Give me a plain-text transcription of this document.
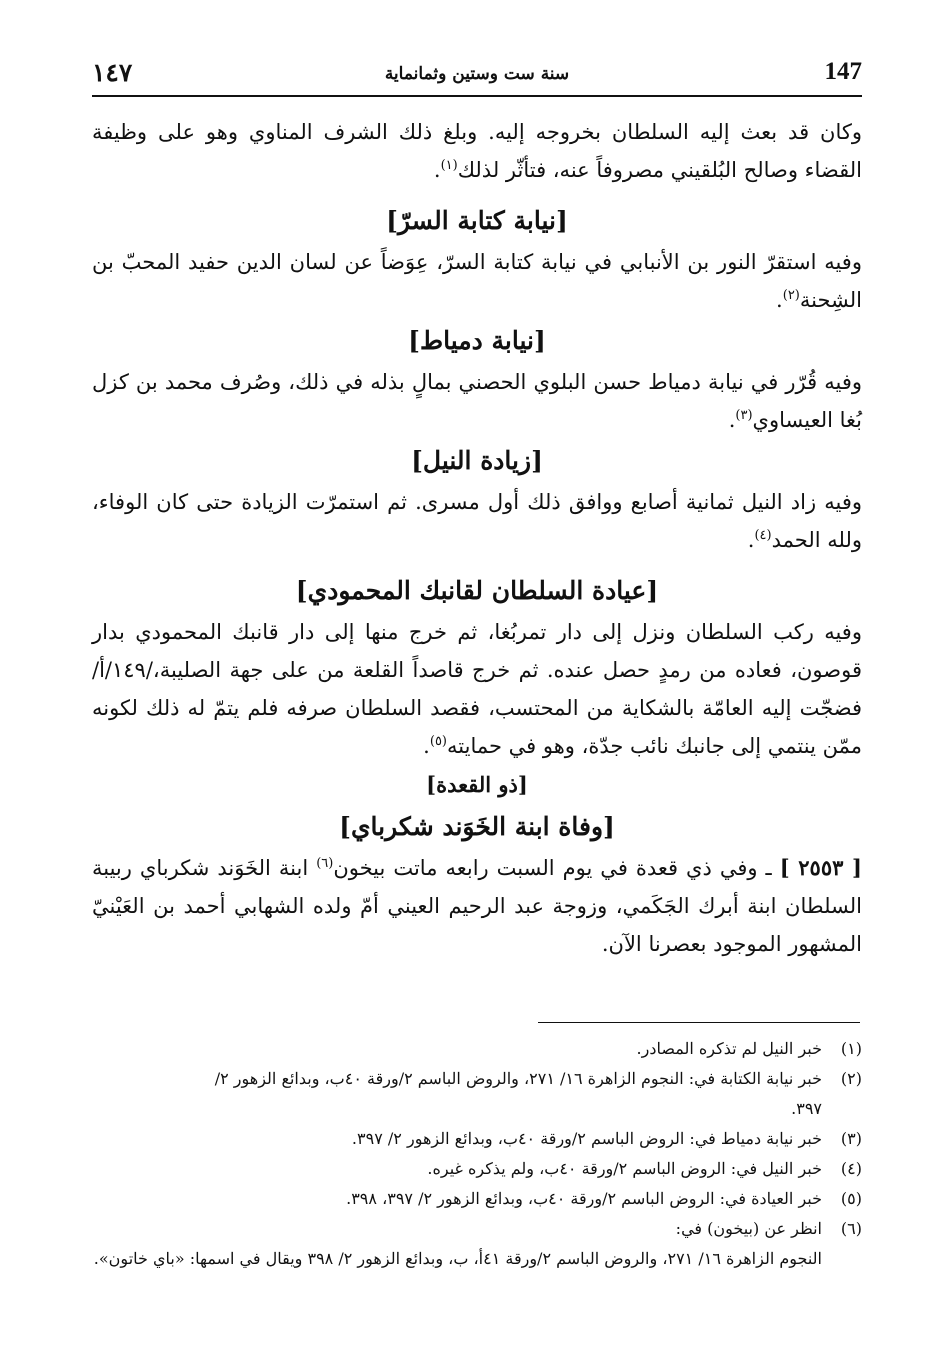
١٤٧	سنة ست وستين وثمانماية	147

وكان قد بعث إليه السلطان بخروجه إليه. وبلغ ذلك الشرف المناوي وهو على وظيفة القضاء وصالح البُلقيني مصروفاً عنه، فتأثّر لذلك$^{(١)}$.

[نيابة كتابة السرّ]

وفيه استقرّ النور بن الأنبابي في نيابة كتابة السرّ، عِوَضاً عن لسان الدين حفيد المحبّ بن الشِحنة$^{(٢)}$.

[نيابة دمياط]

وفيه قُرّر في نيابة دمياط حسن البلوي الحصني بمالٍ بذله في ذلك، وصُرف محمد بن كزل بُغا العيساوي$^{(٣)}$.

[زيادة النيل]

وفيه زاد النيل ثمانية أصابع ووافق ذلك أول مسرى. ثم استمرّت الزيادة حتى كان الوفاء، ولله الحمد$^{(٤)}$.

[عيادة السلطان لقانبك المحمودي]

وفيه ركب السلطان ونزل إلى دار تمربُغا، ثم خرج منها إلى دار قانبك المحمودي بدار قوصون، فعاده من رمدٍ حصل عنده. ثم خرج قاصداً القلعة من على جهة الصليبة،/١٤٩/أ/ فضجّت إليه العامّة بالشكاية من المحتسب، فقصد السلطان صرفه فلم يتمّ له ذلك لكونه ممّن ينتمي إلى جانبك نائب جدّة، وهو في حمايته$^{(٥)}$.

[ذو القعدة]

[وفاة ابنة الخَوَند شكرباي]

[ ٢٥٥٣ ] ـ وفي ذي قعدة في يوم السبت رابعه ماتت بيخون$^{(٦)}$ ابنة الخَوَند شكرباي ربيبة السلطان ابنة أبرك الجَكَمي، وزوجة عبد الرحيم العيني أمّ ولده الشهابي أحمد بن العَيْنيّ المشهور الموجود بعصرنا الآن.

(١)
خبر النيل لم تذكره المصادر.
(٢)
خبر نيابة الكتابة في: النجوم الزاهرة ١٦/ ٢٧١، والروض الباسم ٢/ورقة ٤٠ب، وبدائع الزهور ٢/
٣٩٧.
(٣)
خبر نيابة دمياط في: الروض الباسم ٢/ورقة ٤٠ب، وبدائع الزهور ٢/ ٣٩٧.
(٤)
خبر النيل في: الروض الباسم ٢/ورقة ٤٠ب، ولم يذكره غيره.
(٥)
خبر العيادة في: الروض الباسم ٢/ورقة ٤٠ب، وبدائع الزهور ٢/ ٣٩٧، ٣٩٨.
(٦)
انظر عن (بيخون) في:
النجوم الزاهرة ١٦/ ٢٧١، والروض الباسم ٢/ورقة ٤١أ، ب، وبدائع الزهور ٢/ ٣٩٨ ويقال في اسمها: «باي خاتون».
